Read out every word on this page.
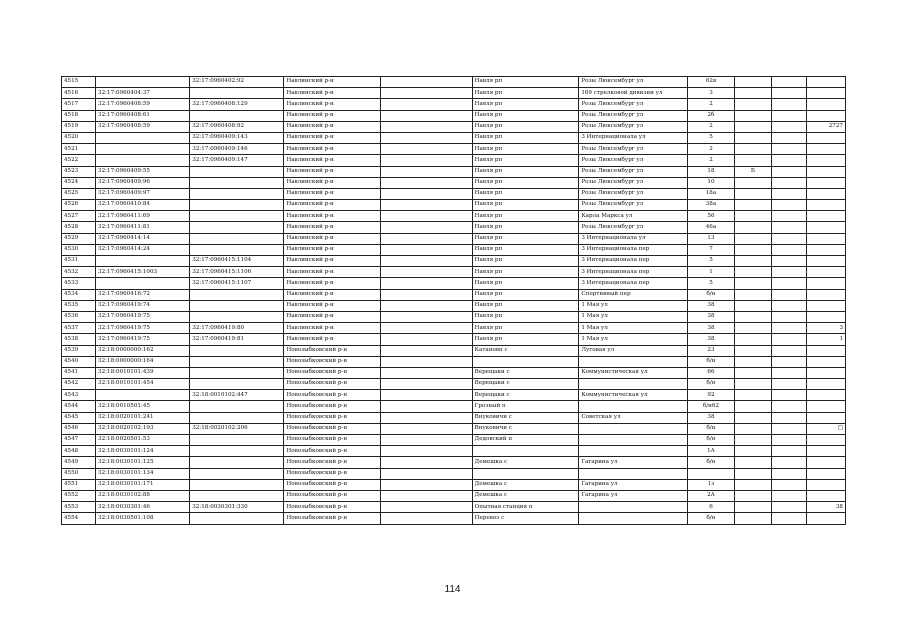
4515		32:17:0960402:92	Навлинский р-н		Навля рп	Розы Люксембург ул	62в			
4516	32:17:0960404:37		Навлинский р-н		Навля рп	169 стрелковой дивизии ул	3			
4517	32:17:0960408:59	32:17:0960408:129	Навлинский р-н		Навля рп	Розы Люксембург ул	2			
4518	32:17:0960408:61		Навлинский р-н		Навля рп	Розы Люксембург ул	2б			
4519	32:17:0960408:59	32:17:0960408:92	Навлинский р-н		Навля рп	Розы Люксембург ул	2			2727
4520		32:17:0960409:143	Навлинский р-н		Навля рп	3 Интернационала ул	5			
4521		32:17:0960409:146	Навлинский р-н		Навля рп	Розы Люксембург ул	2			
4522		32:17:0960409:147	Навлинский р-н		Навля рп	Розы Люксембург ул	2			
4523	32:17:0960409:55		Навлинский р-н		Навля рп	Розы Люксембург ул	18	Б		
4524	32:17:0960409:96		Навлинский р-н		Навля рп	Розы Люксембург ул	10			
4525	32:17:0960409:97		Навлинский р-н		Навля рп	Розы Люксембург ул	18а			
4526	32:17:0960410:84		Навлинский р-н		Навля рп	Розы Люксембург ул	38а			
4527	32:17:0960411:69		Навлинский р-н		Навля рп	Карла Маркса ул	56			
4528	32:17:0960411:81		Навлинский р-н		Навля рп	Розы Люксембург ул	46а			
4529	32:17:0960414:14		Навлинский р-н		Навля рп	3 Интернационала ул	13			
4530	32:17:0960414:24		Навлинский р-н		Навля рп	3 Интернационала пер	7			
4531		32:17:0960415:1104	Навлинский р-н		Навля рп	3 Интернационала пер	5			
4532	32:17:0960415:1003	32:17:0960415:1106	Навлинский р-н		Навля рп	3 Интернационала пер	1			
4533		32:17:0960415:1107	Навлинский р-н		Навля рп	3 Интернационала пер	5			
4534	32:17:0960416:72		Навлинский р-н		Навля рп	Спортивный пер	б/н			
4535	32:17:0960419:74		Навлинский р-н		Навля рп	1 Мая ул	38			
4536	32:17:0960419:75		Навлинский р-н		Навля рп	1 Мая ул	38			
4537	32:17:0960419:75	32:17:0960419:80	Навлинский р-н		Навля рп	1 Мая ул	38			3
4538	32:17:0960419:75	32:17:0960419:81	Навлинский р-н		Навля рп	1 Мая ул	38			1
4539	32:18:0000000:162		Новозыбковский р-н		Катановп с	Луговая ул	23			
4540	32:18:0000000:164		Новозыбковский р-н				б/н			
4541	32:18:0010101:439		Новозыбковский р-н		Верещаки с	Коммунистическая ул	66			
4542	32:18:0010101:454		Новозыбковский р-н		Верещаки с		б/н			
4543		32:18:0010102:447	Новозыбковский р-н		Верещаки с	Коммунистическая ул	92			
4544	32:18:0010501:45		Новозыбковский р-н		Грозный п		б/н62			
4545	32:18:0020101:241		Новозыбковский р-н		Внуковичи с	Советская ул	38			
4546	32:18:0020102:193	32:18:0020102:206	Новозыбковский р-н		Внуковичи с		б/н			□
4547	32:18:0020501:53		Новозыбковский р-н		Дедовский п		б/н			
4548	32:18:0030101:124		Новозыбковский р-н				1А			
4549	32:18:0030101:125		Новозыбковский р-н		Демешка с	Гагарина ул	б/н			
4550	32:18:0030101:134		Новозыбковский р-н							
4551	32:18:0030101:171		Новозыбковский р-н		Демешка с	Гагарина ул	1з			
4552	32:18:0030102:88		Новозыбковский р-н		Демешка с	Гагарина ул	2А			
4553	32:18:0030301:46	32:18:0030301:330	Новозыбковский р-н		Опытная станция п		6			38
4554	32:18:0030501:108		Новозыбковский р-н		Перевоз с		б/н			
114
